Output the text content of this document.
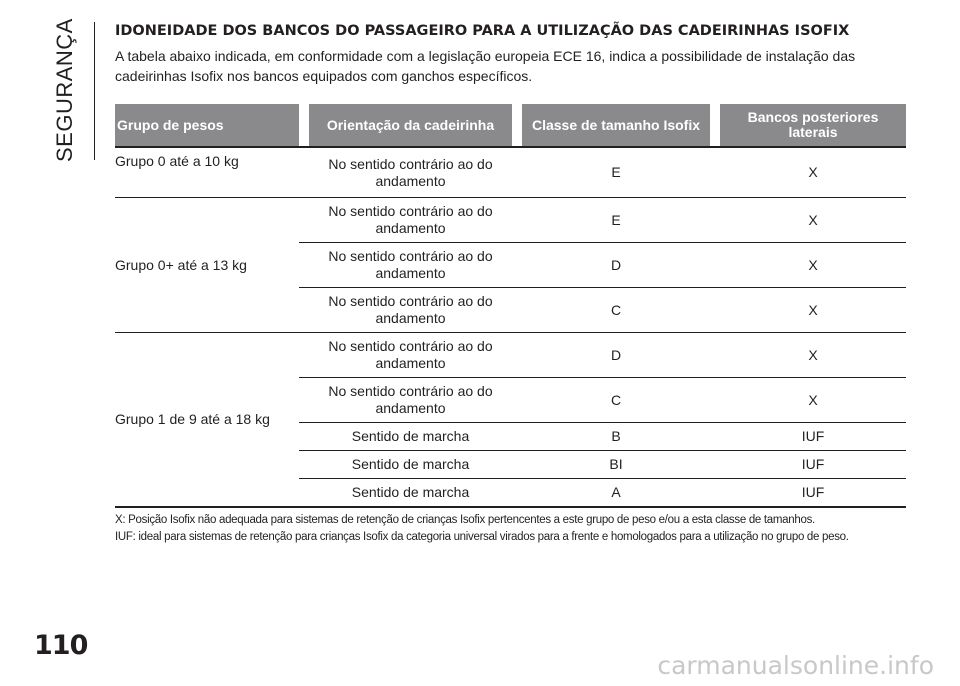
SEGURANÇA	IDONEIDADE DOS BANCOS DO PASSAGEIRO PARA A UTILIZAÇÃO DAS CADEIRINHAS ISOFIX

A tabela abaixo indicada, em conformidade com a legislação europeia ECE 16, indica a possibilidade de instalação das cadeirinhas Isofix nos bancos equipados com ganchos específicos.

Grupo de pesos		Orientação da cadeirinha		Classe de tamanho Isofix		Bancos posteriores laterais
Grupo 0 até a 10 kg		No sentido contrário ao do andamento		E		X
Grupo 0+ até a 13 kg		No sentido contrário ao do andamento		E		X
		No sentido contrário ao do andamento		D		X
		No sentido contrário ao do andamento		C		X
Grupo 1 de 9 até a 18 kg		No sentido contrário ao do andamento		D		X
		No sentido contrário ao do andamento		C		X
		Sentido de marcha		B		IUF
		Sentido de marcha		BI		IUF
		Sentido de marcha		A		IUF
X: Posição Isofix não adequada para sistemas de retenção de crianças Isofix pertencentes a este grupo de peso e/ou a esta classe de tamanhos.
IUF: ideal para sistemas de retenção para crianças Isofix da categoria universal virados para a frente e homologados para a utilização no grupo de peso.
110
carmanualsonline.info
